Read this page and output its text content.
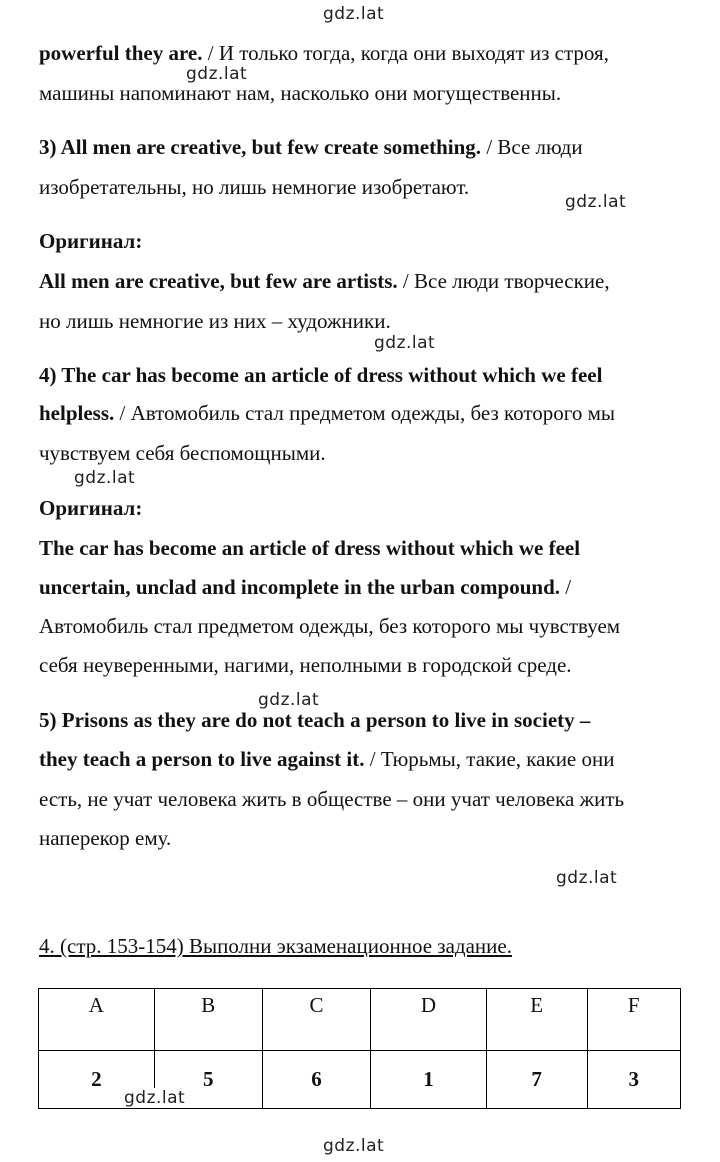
gdz.lat
gdz.lat
gdz.lat
gdz.lat
gdz.lat
gdz.lat
gdz.lat
gdz.lat
powerful they are. / И только тогда, когда они выходят из строя,
машины напоминают нам, насколько они могущественны.
3) All men are creative, but few create something. / Все люди
изобретательны, но лишь немногие изобретают.
Оригинал:
All men are creative, but few are artists. / Все люди творческие,
но лишь немногие из них – художники.
4) The car has become an article of dress without which we feel
helpless. / Автомобиль стал предметом одежды, без которого мы
чувствуем себя беспомощными.
Оригинал:
The car has become an article of dress without which we feel
uncertain, unclad and incomplete in the urban compound. /
Автомобиль стал предметом одежды, без которого мы чувствуем
себя неуверенными, нагими, неполными в городской среде.
5) Prisons as they are do not teach a person to live in society –
they teach a person to live against it. / Тюрьмы, такие, какие они
есть, не учат человека жить в обществе – они учат человека жить
наперекор ему.
4. (стр. 153-154) Выполни экзаменационное задание.
A	B	C	D	E	F
2	5	6	1	7	3
gdz.lat
